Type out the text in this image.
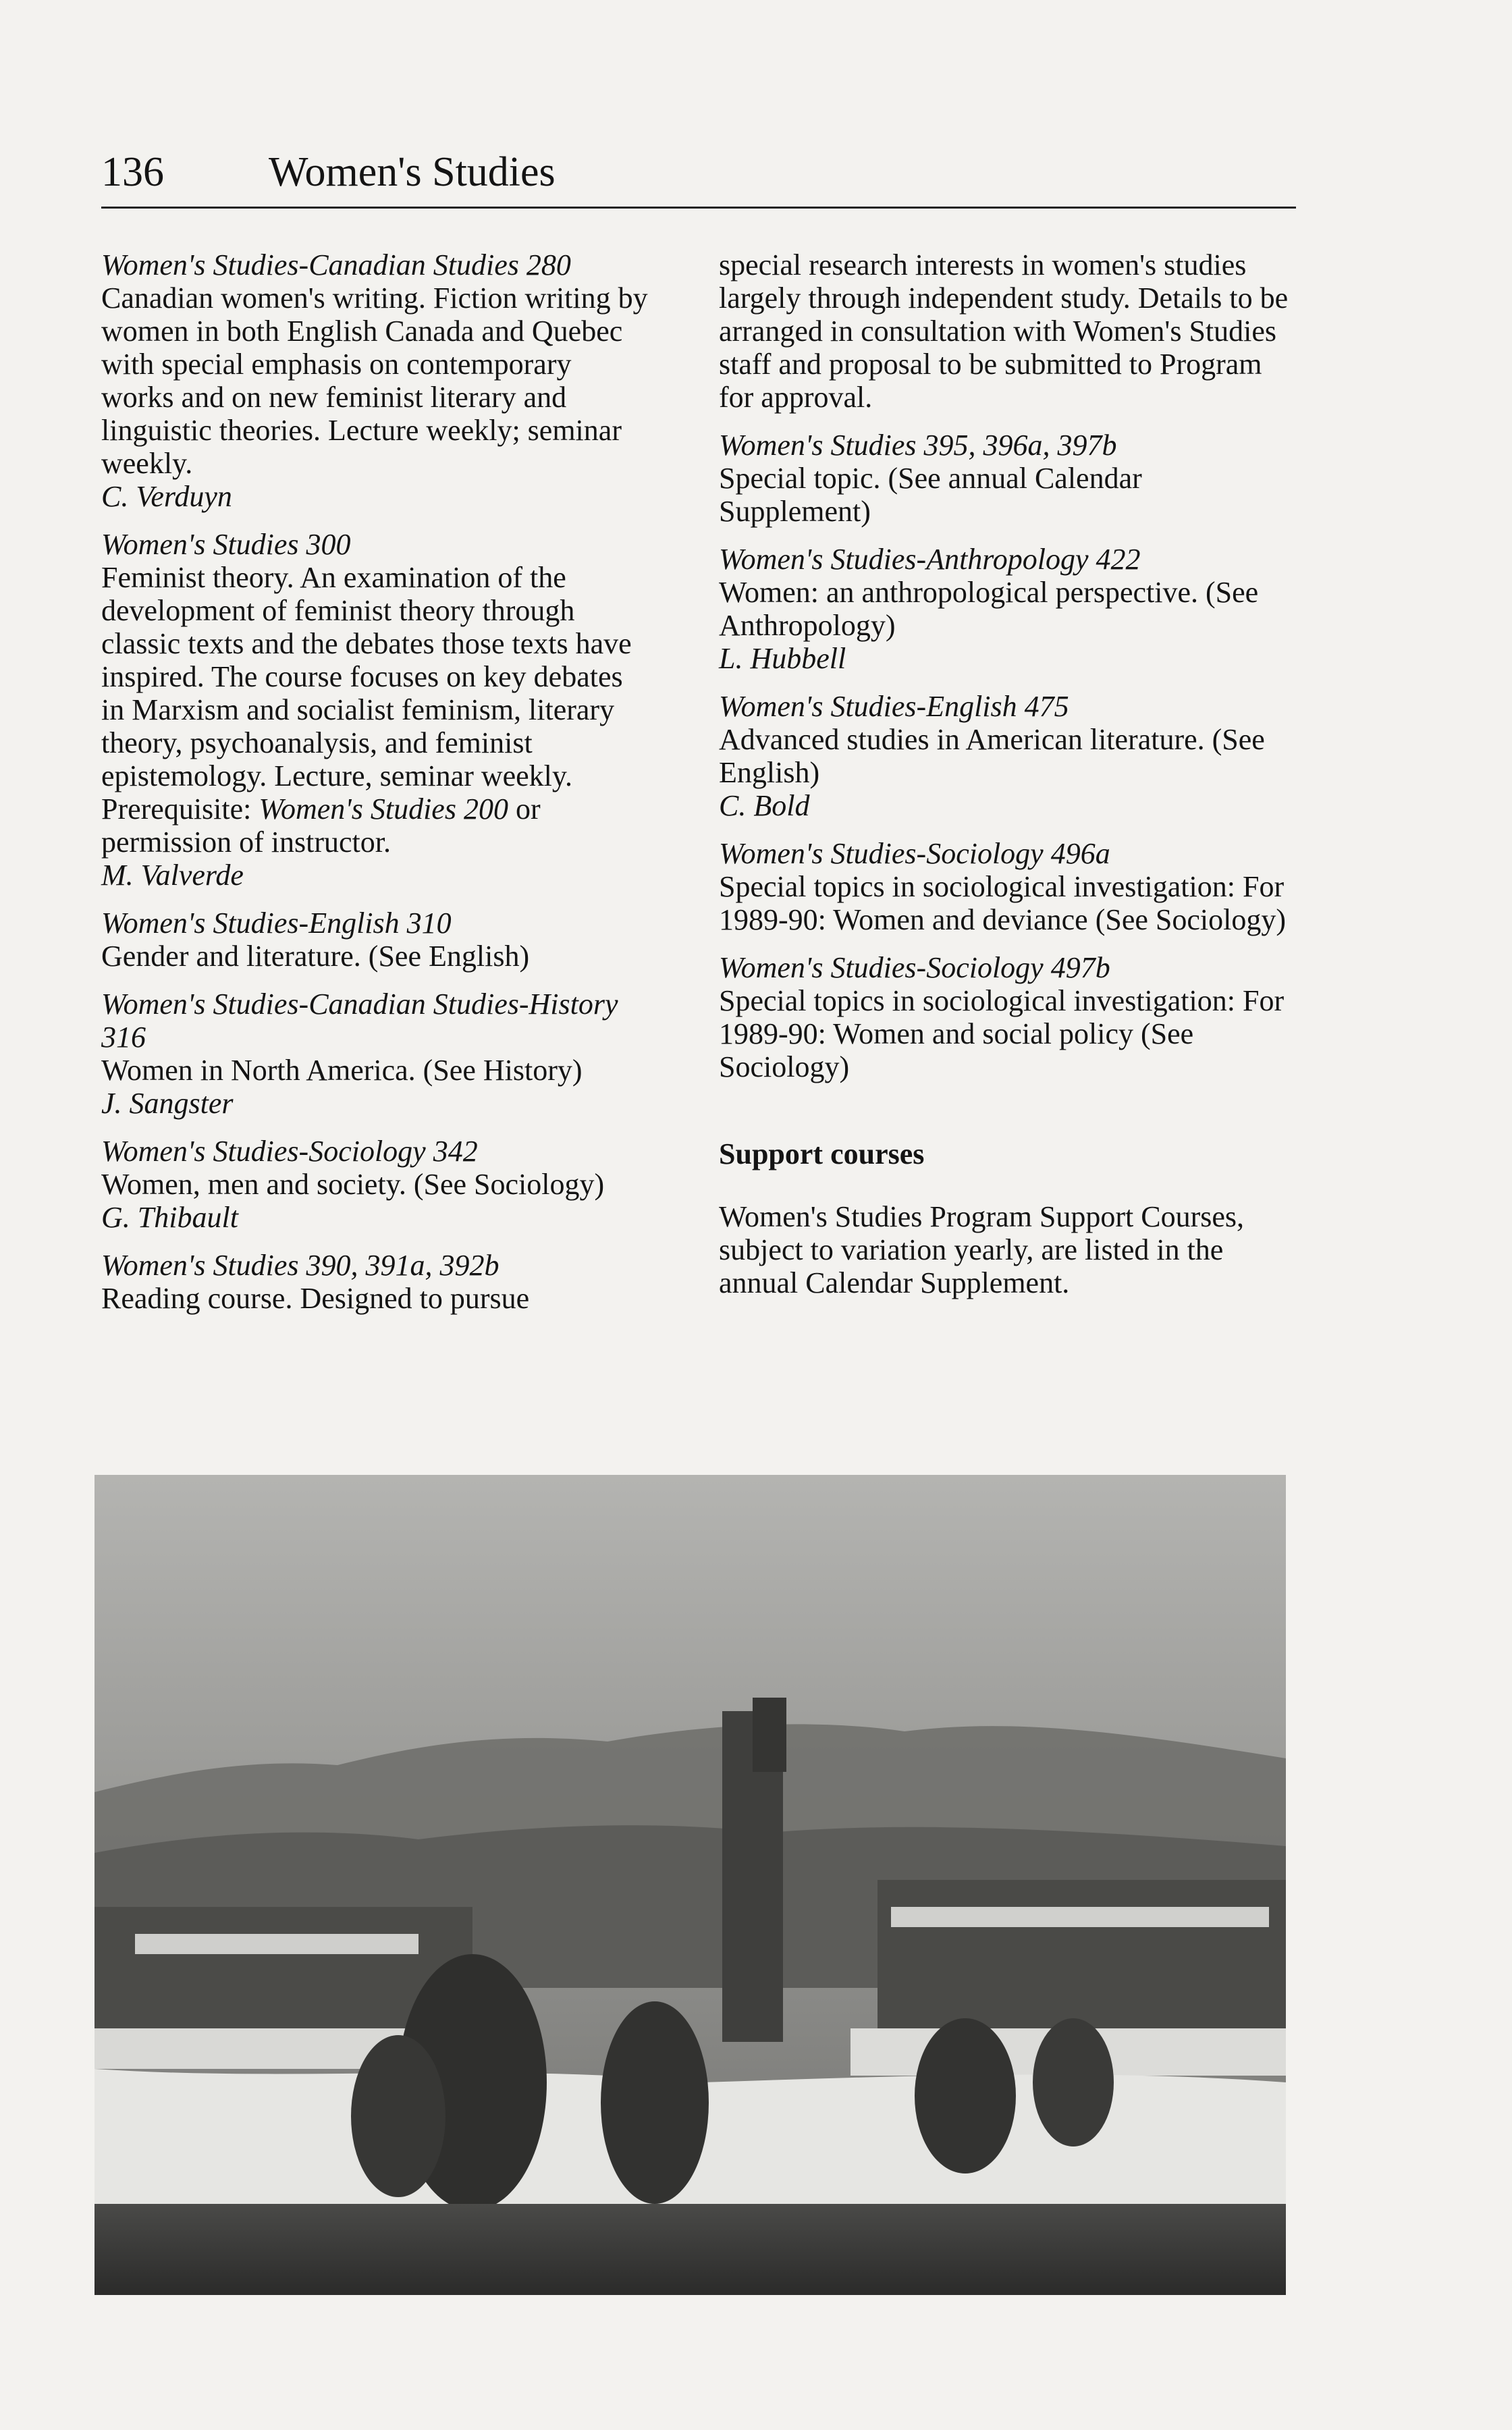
136	Women's Studies

Women's Studies-Canadian Studies 280

Canadian women's writing. Fiction writing by women in both English Canada and Quebec with special emphasis on contemporary works and on new feminist literary and linguistic theories. Lecture weekly; seminar weekly.

C. Verduyn

Women's Studies 300

Feminist theory. An examination of the development of feminist theory through classic texts and the debates those texts have inspired. The course focuses on key debates in Marxism and socialist feminism, literary theory, psychoanalysis, and feminist epistemology. Lecture, seminar weekly. Prerequisite: Women's Studies 200 or permission of instructor.

M. Valverde

Women's Studies-English 310

Gender and literature. (See English)

Women's Studies-Canadian Studies-History 316

Women in North America. (See History)

J. Sangster

Women's Studies-Sociology 342

Women, men and society. (See Sociology)

G. Thibault

Women's Studies 390, 391a, 392b

Reading course. Designed to pursue

special research interests in women's studies largely through independent study. Details to be arranged in consultation with Women's Studies staff and proposal to be submitted to Program for approval.

Women's Studies 395, 396a, 397b

Special topic. (See annual Calendar Supplement)

Women's Studies-Anthropology 422

Women: an anthropological perspective. (See Anthropology)

L. Hubbell

Women's Studies-English 475

Advanced studies in American literature. (See English)

C. Bold

Women's Studies-Sociology 496a

Special topics in sociological investigation: For 1989-90: Women and deviance (See Sociology)

Women's Studies-Sociology 497b

Special topics in sociological investigation: For 1989-90: Women and social policy (See Sociology)

Support courses

Women's Studies Program Support Courses, subject to variation yearly, are listed in the annual Calendar Supplement.
